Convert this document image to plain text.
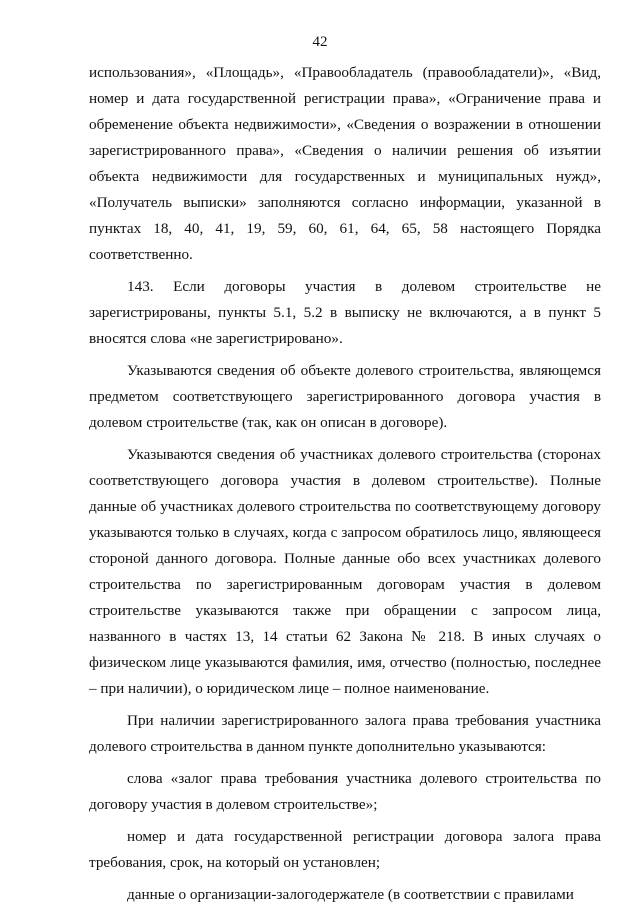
42

использования», «Площадь», «Правообладатель (правообладатели)», «Вид, номер и дата государственной регистрации права», «Ограничение права и обременение объекта недвижимости», «Сведения о возражении в отношении зарегистрированного права», «Сведения о наличии решения об изъятии объекта недвижимости для государственных и муниципальных нужд», «Получатель выписки» заполняются согласно информации, указанной в пунктах 18, 40, 41, 19, 59, 60, 61, 64, 65, 58 настоящего Порядка соответственно.

143. Если договоры участия в долевом строительстве не зарегистрированы, пункты 5.1, 5.2 в выписку не включаются, а в пункт 5 вносятся слова «не зарегистрировано».

Указываются сведения об объекте долевого строительства, являющемся предметом соответствующего зарегистрированного договора участия в долевом строительстве (так, как он описан в договоре).

Указываются сведения об участниках долевого строительства (сторонах соответствующего договора участия в долевом строительстве). Полные данные об участниках долевого строительства по соответствующему договору указываются только в случаях, когда с запросом обратилось лицо, являющееся стороной данного договора. Полные данные обо всех участниках долевого строительства по зарегистрированным договорам участия в долевом строительстве указываются также при обращении с запросом лица, названного в частях 13, 14 статьи 62 Закона № 218. В иных случаях о физическом лице указываются фамилия, имя, отчество (полностью, последнее – при наличии), о юридическом лице – полное наименование.

При наличии зарегистрированного залога права требования участника долевого строительства в данном пункте дополнительно указываются:

слова «залог права требования участника долевого строительства по договору участия в долевом строительстве»;

номер и дата государственной регистрации договора залога права требования, срок, на который он установлен;

данные о организации-залогодержателе (в соответствии с правилами
